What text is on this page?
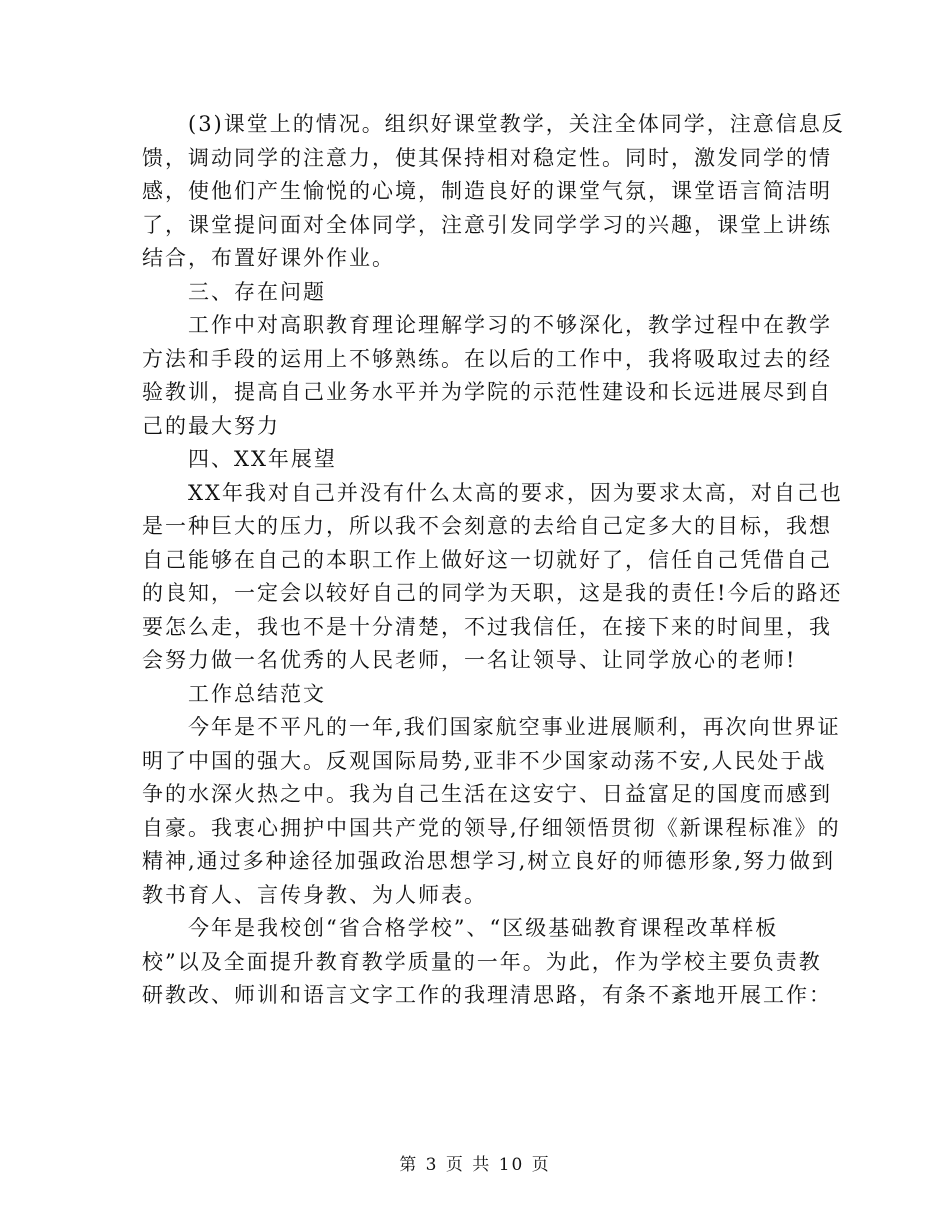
(3)课堂上的情况。组织好课堂教学，关注全体同学，注意信息反
馈，调动同学的注意力，使其保持相对稳定性。同时，激发同学的情
感，使他们产生愉悦的心境，制造良好的课堂气氛，课堂语言简洁明
了，课堂提问面对全体同学，注意引发同学学习的兴趣，课堂上讲练
结合，布置好课外作业。
三、存在问题
工作中对高职教育理论理解学习的不够深化，教学过程中在教学
方法和手段的运用上不够熟练。在以后的工作中，我将吸取过去的经
验教训，提高自己业务水平并为学院的示范性建设和长远进展尽到自
己的最大努力
四、XX年展望
XX年我对自己并没有什么太高的要求，因为要求太高，对自己也
是一种巨大的压力，所以我不会刻意的去给自己定多大的目标，我想
自己能够在自己的本职工作上做好这一切就好了，信任自己凭借自己
的良知，一定会以较好自己的同学为天职，这是我的责任!今后的路还
要怎么走，我也不是十分清楚，不过我信任，在接下来的时间里，我
会努力做一名优秀的人民老师，一名让领导、让同学放心的老师!
工作总结范文
今年是不平凡的一年,我们国家航空事业进展顺利，再次向世界证
明了中国的强大。反观国际局势,亚非不少国家动荡不安,人民处于战
争的水深火热之中。我为自己生活在这安宁、日益富足的国度而感到
自豪。我衷心拥护中国共产党的领导,仔细领悟贯彻《新课程标准》的
精神,通过多种途径加强政治思想学习,树立良好的师德形象,努力做到
教书育人、言传身教、为人师表。
今年是我校创“省合格学校”、“区级基础教育课程改革样板
校”以及全面提升教育教学质量的一年。为此，作为学校主要负责教
研教改、师训和语言文字工作的我理清思路，有条不紊地开展工作：
第 3 页 共 10 页
